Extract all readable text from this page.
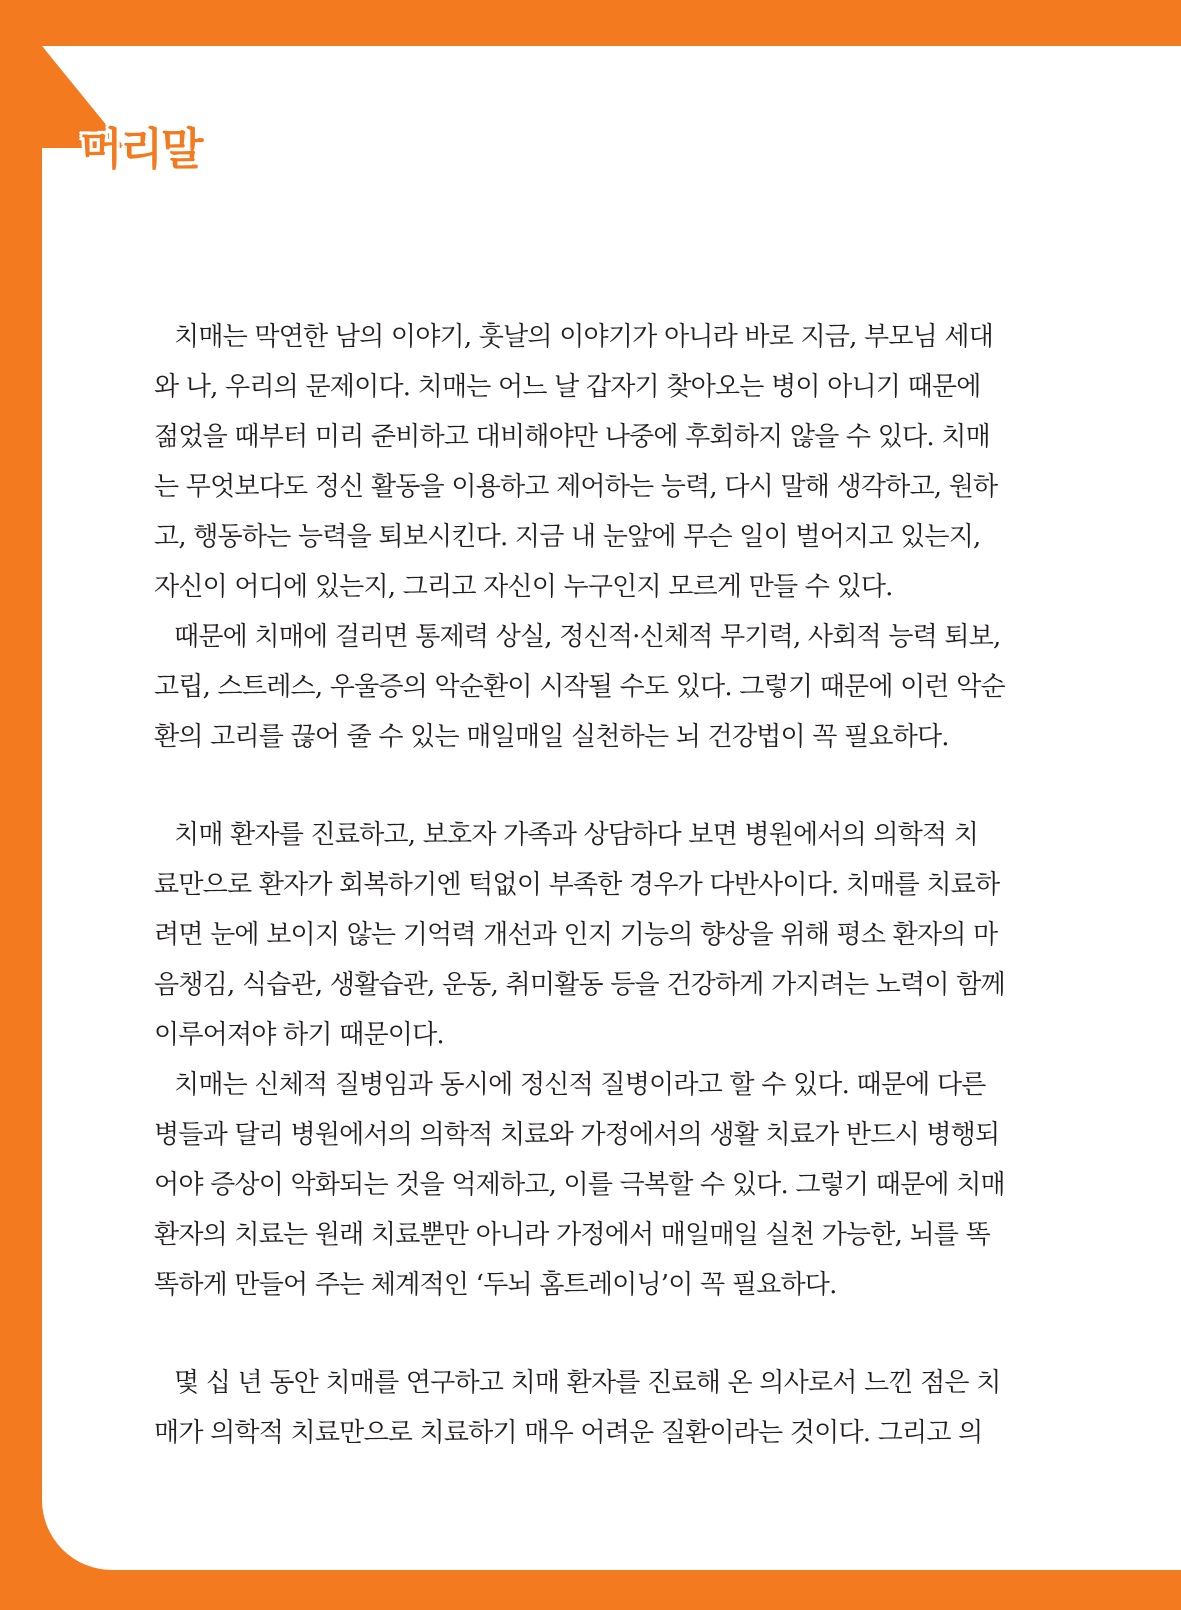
머리말
치매는 막연한 남의 이야기, 훗날의 이야기가 아니라 바로 지금, 부모님 세대
와 나, 우리의 문제이다. 치매는 어느 날 갑자기 찾아오는 병이 아니기 때문에
젊었을 때부터 미리 준비하고 대비해야만 나중에 후회하지 않을 수 있다. 치매
는 무엇보다도 정신 활동을 이용하고 제어하는 능력, 다시 말해 생각하고, 원하
고, 행동하는 능력을 퇴보시킨다. 지금 내 눈앞에 무슨 일이 벌어지고 있는지,
자신이 어디에 있는지, 그리고 자신이 누구인지 모르게 만들 수 있다.
때문에 치매에 걸리면 통제력 상실, 정신적·신체적 무기력, 사회적 능력 퇴보,
고립, 스트레스, 우울증의 악순환이 시작될 수도 있다. 그렇기 때문에 이런 악순
환의 고리를 끊어 줄 수 있는 매일매일 실천하는 뇌 건강법이 꼭 필요하다.
치매 환자를 진료하고, 보호자 가족과 상담하다 보면 병원에서의 의학적 치
료만으로 환자가 회복하기엔 턱없이 부족한 경우가 다반사이다. 치매를 치료하
려면 눈에 보이지 않는 기억력 개선과 인지 기능의 향상을 위해 평소 환자의 마
음챙김, 식습관, 생활습관, 운동, 취미활동 등을 건강하게 가지려는 노력이 함께
이루어져야 하기 때문이다.
치매는 신체적 질병임과 동시에 정신적 질병이라고 할 수 있다. 때문에 다른
병들과 달리 병원에서의 의학적 치료와 가정에서의 생활 치료가 반드시 병행되
어야 증상이 악화되는 것을 억제하고, 이를 극복할 수 있다. 그렇기 때문에 치매
환자의 치료는 원래 치료뿐만 아니라 가정에서 매일매일 실천 가능한, 뇌를 똑
똑하게 만들어 주는 체계적인 ‘두뇌 홈트레이닝’이 꼭 필요하다.
몇 십 년 동안 치매를 연구하고 치매 환자를 진료해 온 의사로서 느낀 점은 치
매가 의학적 치료만으로 치료하기 매우 어려운 질환이라는 것이다. 그리고 의
